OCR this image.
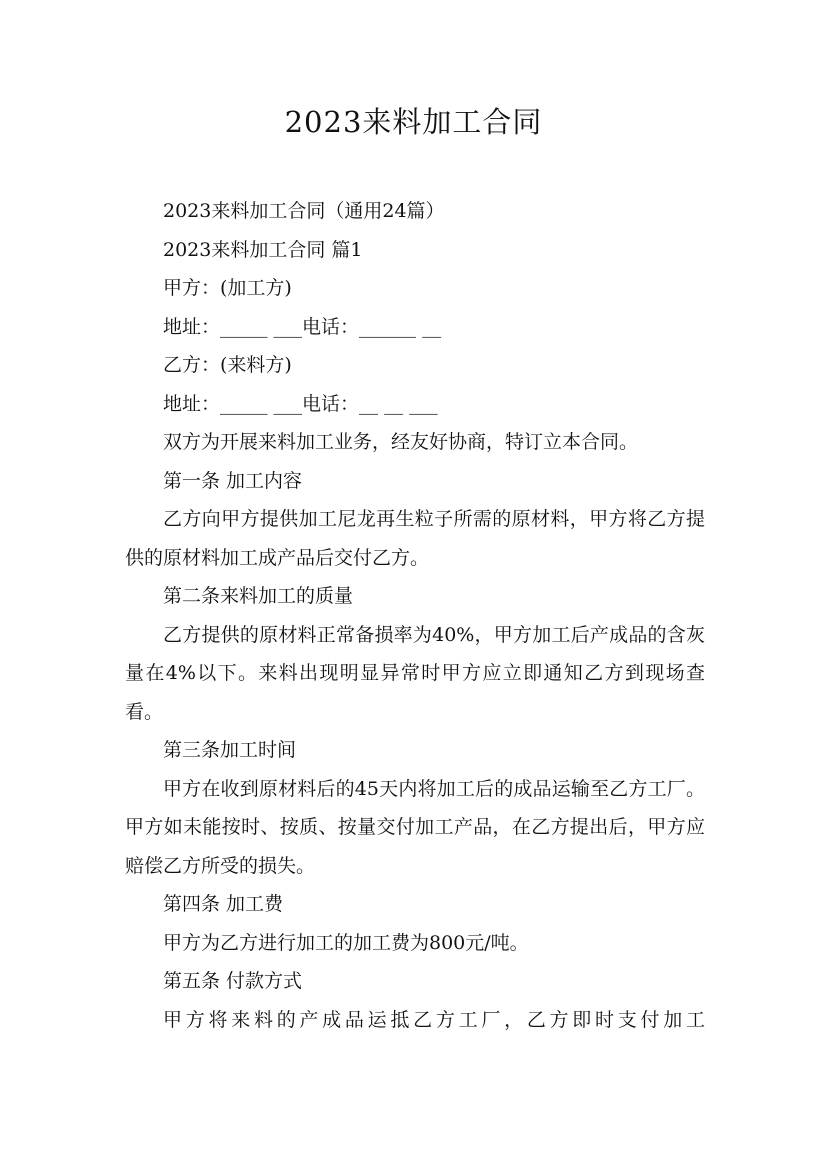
2023来料加工合同

2023来料加工合同（通用24篇）

2023来料加工合同 篇1

甲方：(加工方)

地址：_____ ___电话：______ __

乙方：(来料方)

地址：_____ ___电话：__ __ ___

双方为开展来料加工业务，经友好协商，特订立本合同。

第一条 加工内容

乙方向甲方提供加工尼龙再生粒子所需的原材料，甲方将乙方提供的原材料加工成产品后交付乙方。

第二条来料加工的质量

乙方提供的原材料正常备损率为40%，甲方加工后产成品的含灰量在4%以下。来料出现明显异常时甲方应立即通知乙方到现场查看。

第三条加工时间

甲方在收到原材料后的45天内将加工后的成品运输至乙方工厂。甲方如未能按时、按质、按量交付加工产品，在乙方提出后，甲方应赔偿乙方所受的损失。

第四条 加工费

甲方为乙方进行加工的加工费为800元/吨。

第五条 付款方式

甲方将来料的产成品运抵乙方工厂，乙方即时支付加工
